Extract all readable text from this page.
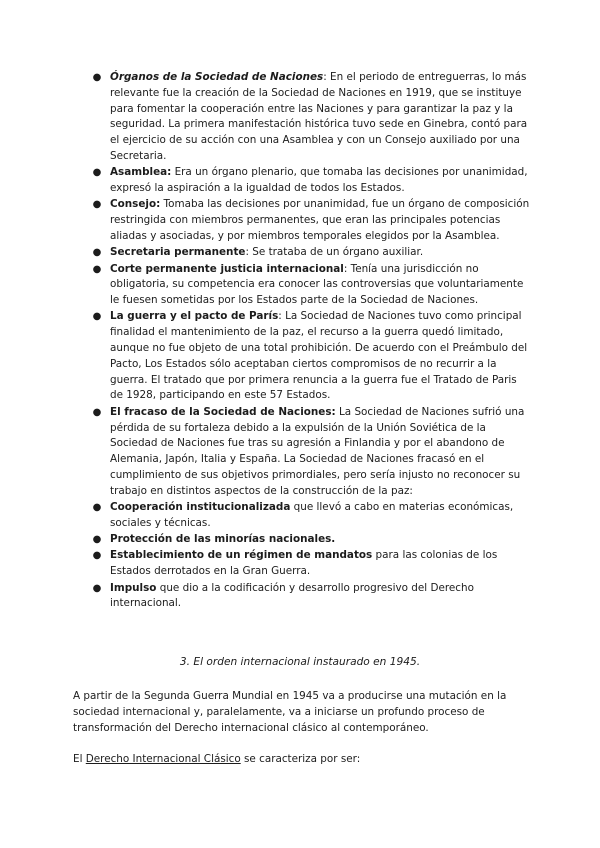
● Órganos de la Sociedad de Naciones: En el periodo de entreguerras, lo más relevante fue la creación de la Sociedad de Naciones en 1919, que se instituye para fomentar la cooperación entre las Naciones y para garantizar la paz y la seguridad. La primera manifestación histórica tuvo sede en Ginebra, contó para el ejercicio de su acción con una Asamblea y con un Consejo auxiliado por una Secretaria.
● Asamblea: Era un órgano plenario, que tomaba las decisiones por unanimidad, expresó la aspiración a la igualdad de todos los Estados.
● Consejo: Tomaba las decisiones por unanimidad, fue un órgano de composición restringida con miembros permanentes, que eran las principales potencias aliadas y asociadas, y por miembros temporales elegidos por la Asamblea.
● Secretaria permanente: Se trataba de un órgano auxiliar.
● Corte permanente justicia internacional: Tenía una jurisdicción no obligatoria, su competencia era conocer las controversias que voluntariamente le fuesen sometidas por los Estados parte de la Sociedad de Naciones.
● La guerra y el pacto de París: La Sociedad de Naciones tuvo como principal finalidad el mantenimiento de la paz, el recurso a la guerra quedó limitado, aunque no fue objeto de una total prohibición. De acuerdo con el Preámbulo del Pacto, Los Estados sólo aceptaban ciertos compromisos de no recurrir a la guerra. El tratado que por primera renuncia a la guerra fue el Tratado de Paris de 1928, participando en este 57 Estados.
● El fracaso de la Sociedad de Naciones: La Sociedad de Naciones sufrió una pérdida de su fortaleza debido a la expulsión de la Unión Soviética de la Sociedad de Naciones fue tras su agresión a Finlandia y por el abandono de Alemania, Japón, Italia y España. La Sociedad de Naciones fracasó en el cumplimiento de sus objetivos primordiales, pero sería injusto no reconocer su trabajo en distintos aspectos de la construcción de la paz:
● Cooperación institucionalizada que llevó a cabo en materias económicas, sociales y técnicas.
● Protección de las minorías nacionales.
● Establecimiento de un régimen de mandatos para las colonias de los Estados derrotados en la Gran Guerra.
● Impulso que dio a la codificación y desarrollo progresivo del Derecho internacional.
3. El orden internacional instaurado en 1945.

A partir de la Segunda Guerra Mundial en 1945 va a producirse una mutación en la sociedad internacional y, paralelamente, va a iniciarse un profundo proceso de transformación del Derecho internacional clásico al contemporáneo.

El Derecho Internacional Clásico se caracteriza por ser:
